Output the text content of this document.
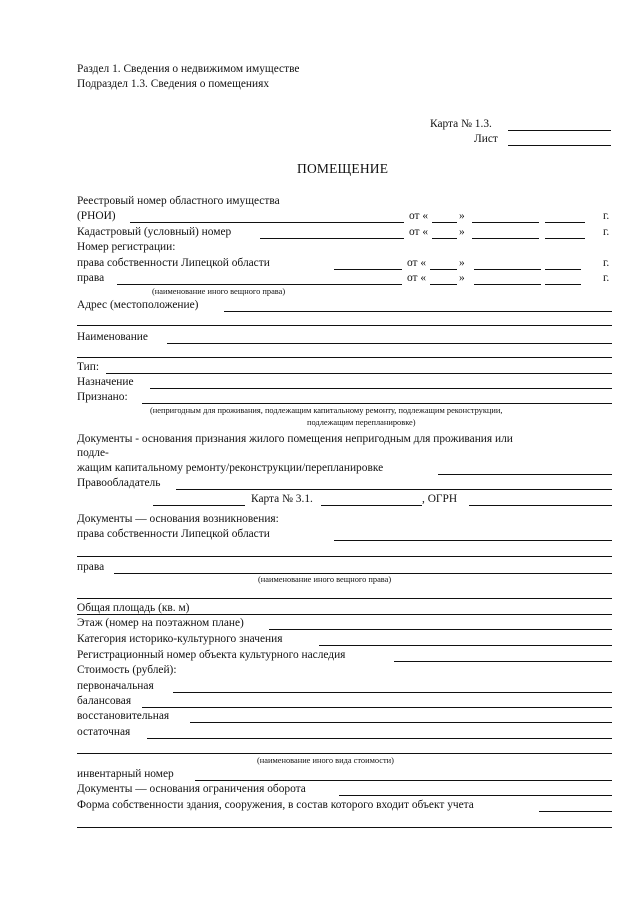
Раздел 1. Сведения о недвижимом имуществе
Подраздел 1.3. Сведения о помещениях
Карта № 1.3.
Лист
ПОМЕЩЕНИЕ
Реестровый номер областного имущества
(РНОИ)	от «	»	г.
Кадастровый (условный) номер	от «	»	г.
Номер регистрации:
права собственности Липецкой области	от «	»	г.
права	от «	»	г.
(наименование иного вещного права)
Адрес (местоположение)
Наименование
Тип:
Назначение
Признано:
(непригодным для проживания, подлежащим капитальному ремонту, подлежащим реконструкции,
подлежащим перепланировке)
Документы - основания признания жилого помещения непригодным для проживания или
подле-
жащим капитальному ремонту/реконструкции/перепланировке
Правообладатель
Карта № 3.1.	, ОГРН
Документы — основания возникновения:
права собственности Липецкой области
права
(наименование иного вещного права)
Общая площадь (кв. м)
Этаж (номер на поэтажном плане)
Категория историко-культурного значения
Регистрационный номер объекта культурного наследия
Стоимость (рублей):
первоначальная
балансовая
восстановительная
остаточная
(наименование иного вида стоимости)
инвентарный номер
Документы — основания ограничения оборота
Форма собственности здания, сооружения, в состав которого входит объект учета
